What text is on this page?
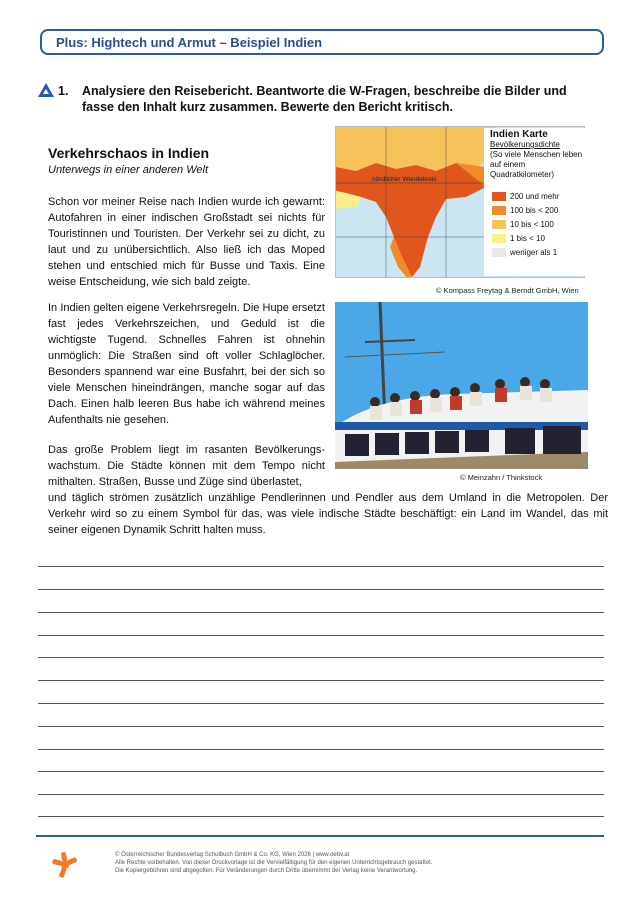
Plus: Hightech und Armut – Beispiel Indien
1. Analysiere den Reisebericht. Beantworte die W-Fragen, beschreibe die Bilder und fasse den Inhalt kurz zusammen. Bewerte den Bericht kritisch.
Verkehrschaos in Indien
Unterwegs in einer anderen Welt

Schon vor meiner Reise nach Indien wurde ich gewarnt: Autofahren in einer indischen Großstadt sei nichts für Touristinnen und Touristen. Der Verkehr sei zu dicht, zu laut und zu unübersichtlich. Also ließ ich das Moped stehen und entschied mich für Busse und Taxis. Eine weise Entscheidung, wie sich bald zeigte.

In Indien gelten eigene Verkehrsregeln. Die Hupe ersetzt fast jedes Verkehrszeichen, und Geduld ist die wichtigste Tugend. Schnelles Fahren ist ohnehin unmöglich: Die Straßen sind oft voller Schlaglöcher. Besonders spannend war eine Busfahrt, bei der sich so viele Menschen hineindrängen, manche sogar auf das Dach. Einen halb leeren Bus habe ich während meines Aufenthalts nie gesehen.

Das große Problem liegt im rasanten Bevölkerungs-wachstum. Die Städte können mit dem Tempo nicht mithalten. Straßen, Busse und Züge sind überlastet,

und täglich strömen zusätzlich unzählige Pendlerinnen und Pendler aus dem Umland in die Metropolen. Der Verkehr wird so zu einem Symbol für das, was viele indische Städte beschäftigt: ein Land im Wandel, das mit seiner eigenen Dynamik Schritt halten muss.

nördlicher Wendekreis
Indien Karte
Bevölkerungsdichte
(So viele Menschen leben auf einem Quadratkilometer)
200 und mehr
100 bis < 200
10 bis < 100
1 bis < 10
weniger als 1
© Kompass Freytag & Berndt GmbH, Wien
© Meinzahn / Thinkstock
© Österreichischer Bundesverlag Schulbuch GmbH & Co. KG, Wien 2026 | www.oebv.at
Alle Rechte vorbehalten. Von dieser Druckvorlage ist die Vervielfältigung für den eigenen Unterrichtsgebrauch gestattet.
Die Kopiergebühren sind abgegolten. Für Veränderungen durch Dritte übernimmt der Verlag keine Verantwortung.
